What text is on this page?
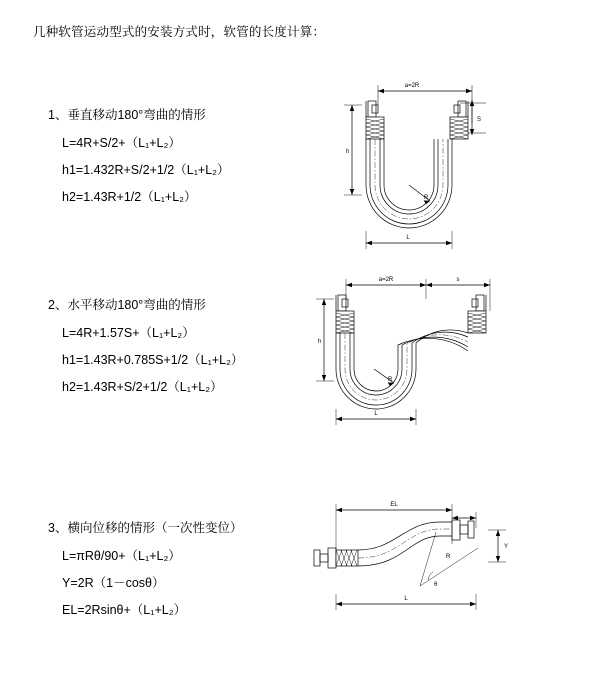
几种软管运动型式的安装方式时，软管的长度计算：
1、垂直移动180°弯曲的情形
L=4R+S/2+（L₁+L₂）
h1=1.432R+S/2+1/2（L₁+L₂）
h2=1.43R+1/2（L₁+L₂）
a=2R
S
R
h
L
2、水平移动180°弯曲的情形
L=4R+1.57S+（L₁+L₂）
h1=1.43R+0.785S+1/2（L₁+L₂）
h2=1.43R+S/2+1/2（L₁+L₂）
a=2R	s
R
h
L
3、横向位移的情形（一次性变位）
L=πRθ/90+（L₁+L₂）
Y=2R（1－cosθ）
EL=2Rsinθ+（L₁+L₂）
EL
Y
L
θ
R
